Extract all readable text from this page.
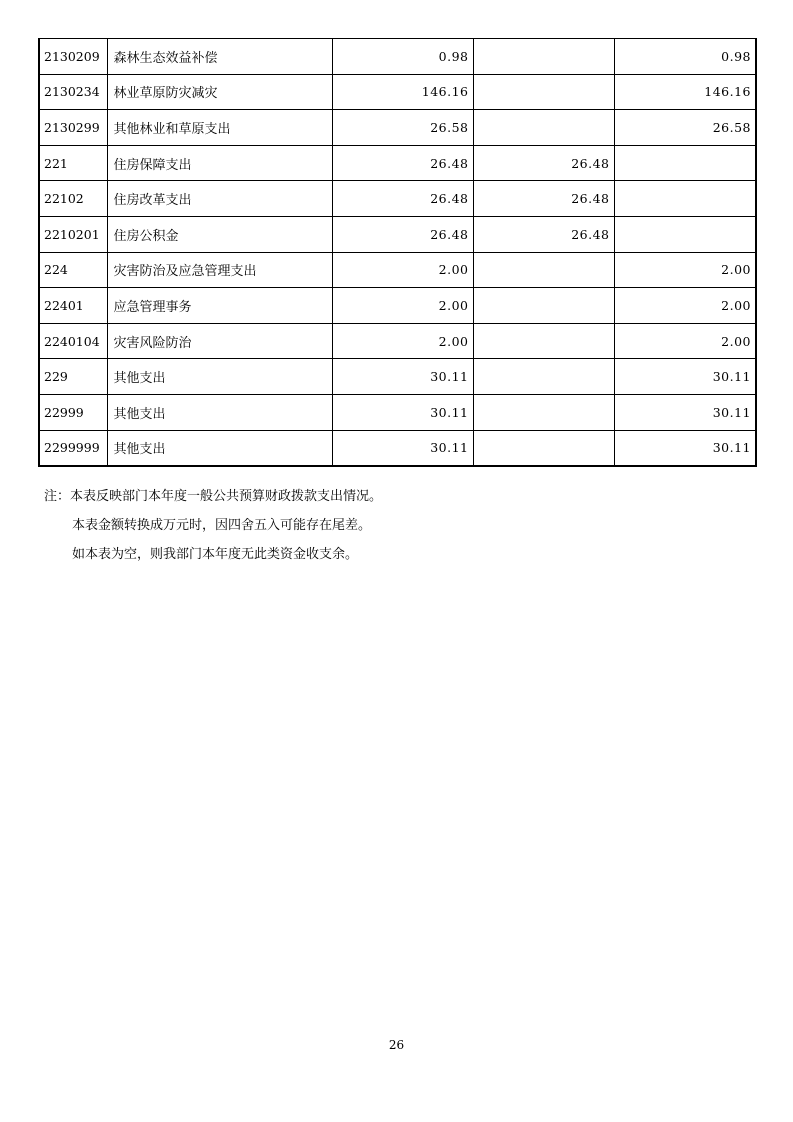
2130209	森林生态效益补偿	0.98		0.98
2130234	林业草原防灾减灾	146.16		146.16
2130299	其他林业和草原支出	26.58		26.58
221	住房保障支出	26.48	26.48	
22102	住房改革支出	26.48	26.48	
2210201	住房公积金	26.48	26.48	
224	灾害防治及应急管理支出	2.00		2.00
22401	应急管理事务	2.00		2.00
2240104	灾害风险防治	2.00		2.00
229	其他支出	30.11		30.11
22999	其他支出	30.11		30.11
2299999	其他支出	30.11		30.11
注：本表反映部门本年度一般公共预算财政拨款支出情况。
本表金额转换成万元时，因四舍五入可能存在尾差。
如本表为空，则我部门本年度无此类资金收支余。
26
